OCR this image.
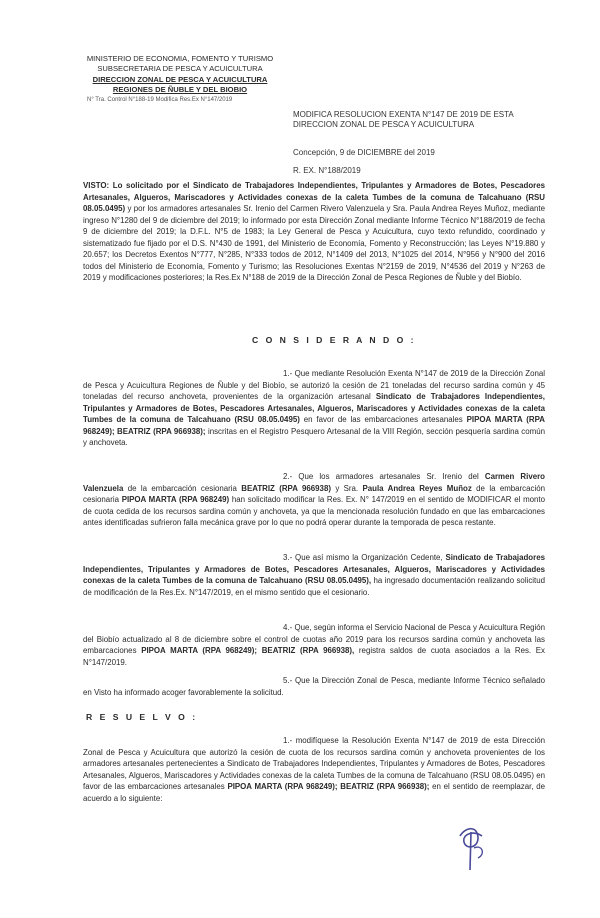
MINISTERIO DE ECONOMIA, FOMENTO Y TURISMO
SUBSECRETARIA DE PESCA Y ACUICULTURA
DIRECCION ZONAL DE PESCA Y ACUICULTURA
REGIONES DE ÑUBLE Y DEL BIOBIO
N° Tra. Control N°188-19 Modifica Res.Ex N°147/2019
MODIFICA RESOLUCION EXENTA N°147 DE 2019 DE ESTA DIRECCION ZONAL DE PESCA Y ACUICULTURA
Concepción, 9 de DICIEMBRE del 2019
R. EX. N°188/2019
VISTO: Lo solicitado por el Sindicato de Trabajadores Independientes, Tripulantes y Armadores de Botes, Pescadores Artesanales, Algueros, Mariscadores y Actividades conexas de la caleta Tumbes de la comuna de Talcahuano (RSU 08.05.0495) y por los armadores artesanales Sr. Irenio del Carmen Rivero Valenzuela y Sra. Paula Andrea Reyes Muñoz, mediante ingreso N°1280 del 9 de diciembre del 2019; lo informado por esta Dirección Zonal mediante Informe Técnico N°188/2019 de fecha 9 de diciembre del 2019; la D.F.L. N°5 de 1983; la Ley General de Pesca y Acuicultura, cuyo texto refundido, coordinado y sistematizado fue fijado por el D.S. N°430 de 1991, del Ministerio de Economía, Fomento y Reconstrucción; las Leyes N°19.880 y 20.657; los Decretos Exentos N°777, N°285, N°333 todos de 2012, N°1409 del 2013, N°1025 del 2014, N°956 y N°900 del 2016 todos del Ministerio de Economía, Fomento y Turismo; las Resoluciones Exentas N°2159 de 2019, N°4536 del 2019 y N°263 de 2019 y modificaciones posteriores; la Res.Ex N°188 de 2019 de la Dirección Zonal de Pesca Regiones de Ñuble y del Biobío.
C O N S I D E R A N D O :
1.- Que mediante Resolución Exenta N°147 de 2019 de la Dirección Zonal de Pesca y Acuicultura Regiones de Ñuble y del Biobío, se autorizó la cesión de 21 toneladas del recurso sardina común y 45 toneladas del recurso anchoveta, provenientes de la organización artesanal Sindicato de Trabajadores Independientes, Tripulantes y Armadores de Botes, Pescadores Artesanales, Algueros, Mariscadores y Actividades conexas de la caleta Tumbes de la comuna de Talcahuano (RSU 08.05.0495) en favor de las embarcaciones artesanales PIPOA MARTA (RPA 968249); BEATRIZ (RPA 966938); inscritas en el Registro Pesquero Artesanal de la VIII Región, sección pesquería sardina común y anchoveta.
2.- Que los armadores artesanales Sr. Irenio del Carmen Rivero Valenzuela de la embarcación cesionaria BEATRIZ (RPA 966938) y Sra. Paula Andrea Reyes Muñoz de la embarcación cesionaria PIPOA MARTA (RPA 968249) han solicitado modificar la Res. Ex. N° 147/2019 en el sentido de MODIFICAR el monto de cuota cedida de los recursos sardina común y anchoveta, ya que la mencionada resolución fundado en que las embarcaciones antes identificadas sufrieron falla mecánica grave por lo que no podrá operar durante la temporada de pesca restante.
3.- Que así mismo la Organización Cedente, Sindicato de Trabajadores Independientes, Tripulantes y Armadores de Botes, Pescadores Artesanales, Algueros, Mariscadores y Actividades conexas de la caleta Tumbes de la comuna de Talcahuano (RSU 08.05.0495), ha ingresado documentación realizando solicitud de modificación de la Res.Ex. N°147/2019, en el mismo sentido que el cesionario.
4.- Que, según informa el Servicio Nacional de Pesca y Acuicultura Región del Biobío actualizado al 8 de diciembre sobre el control de cuotas año 2019 para los recursos sardina común y anchoveta las embarcaciones PIPOA MARTA (RPA 968249); BEATRIZ (RPA 966938), registra saldos de cuota asociados a la Res. Ex N°147/2019.
5.- Que la Dirección Zonal de Pesca, mediante Informe Técnico señalado en Visto ha informado acoger favorablemente la solicitud.
R E S U E L V O :
1.- modifíquese la Resolución Exenta N°147 de 2019 de esta Dirección Zonal de Pesca y Acuicultura que autorizó la cesión de cuota de los recursos sardina común y anchoveta provenientes de los armadores artesanales pertenecientes a Sindicato de Trabajadores Independientes, Tripulantes y Armadores de Botes, Pescadores Artesanales, Algueros, Mariscadores y Actividades conexas de la caleta Tumbes de la comuna de Talcahuano (RSU 08.05.0495) en favor de las embarcaciones artesanales PIPOA MARTA (RPA 968249); BEATRIZ (RPA 966938); en el sentido de reemplazar, de acuerdo a lo siguiente:
